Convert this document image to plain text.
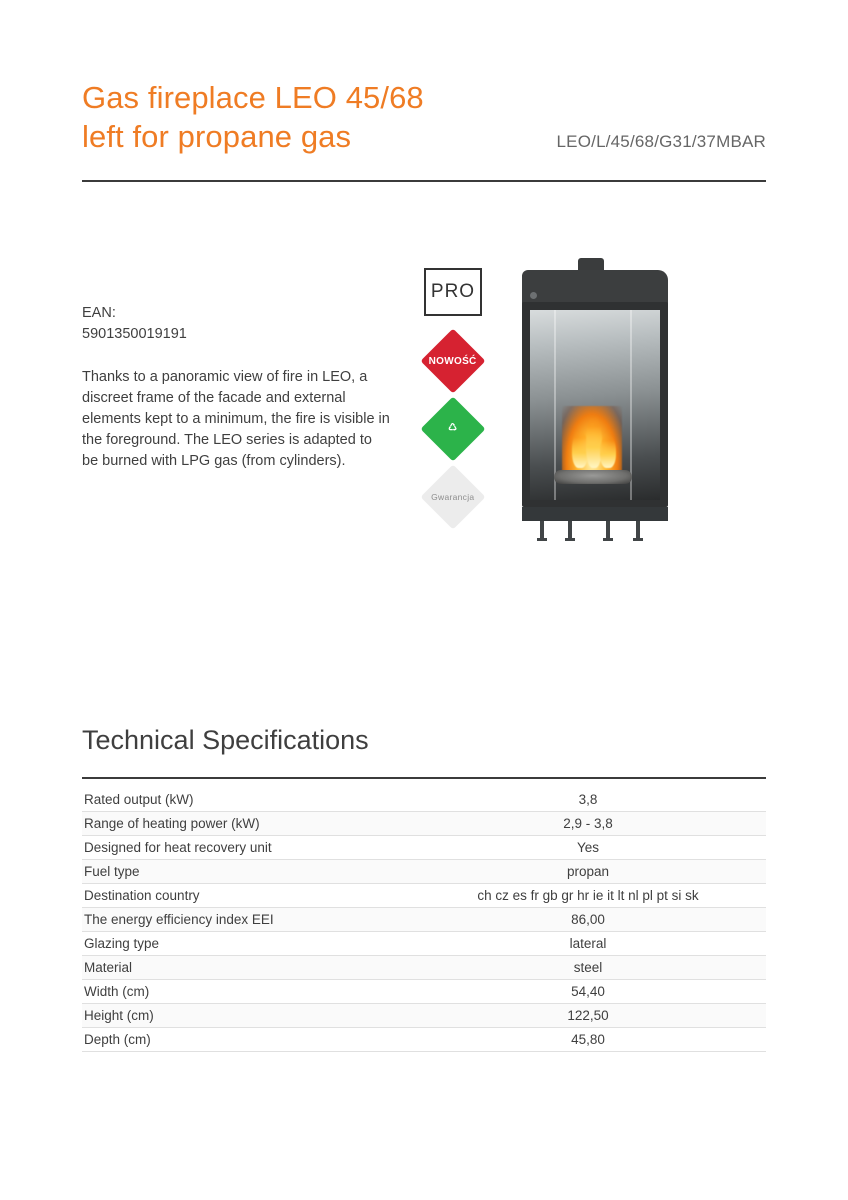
Gas fireplace LEO 45/68
left for propane gas	LEO/L/45/68/G31/37MBAR

EAN:

5901350019191

Thanks to a panoramic view of fire in LEO, a discreet frame of the facade and external elements kept to a minimum, the fire is visible in the foreground. The LEO series is adapted to be burned with LPG gas (from cylinders).

PRO
NOWOŚĆ
♺
Gwarancja
Technical Specifications
Rated output (kW)	3,8
Range of heating power (kW)	2,9 - 3,8
Designed for heat recovery unit	Yes
Fuel type	propan
Destination country	ch cz es fr gb gr hr ie it lt nl pl pt si sk
The energy efficiency index EEI	86,00
Glazing type	lateral
Material	steel
Width (cm)	54,40
Height (cm)	122,50
Depth (cm)	45,80
